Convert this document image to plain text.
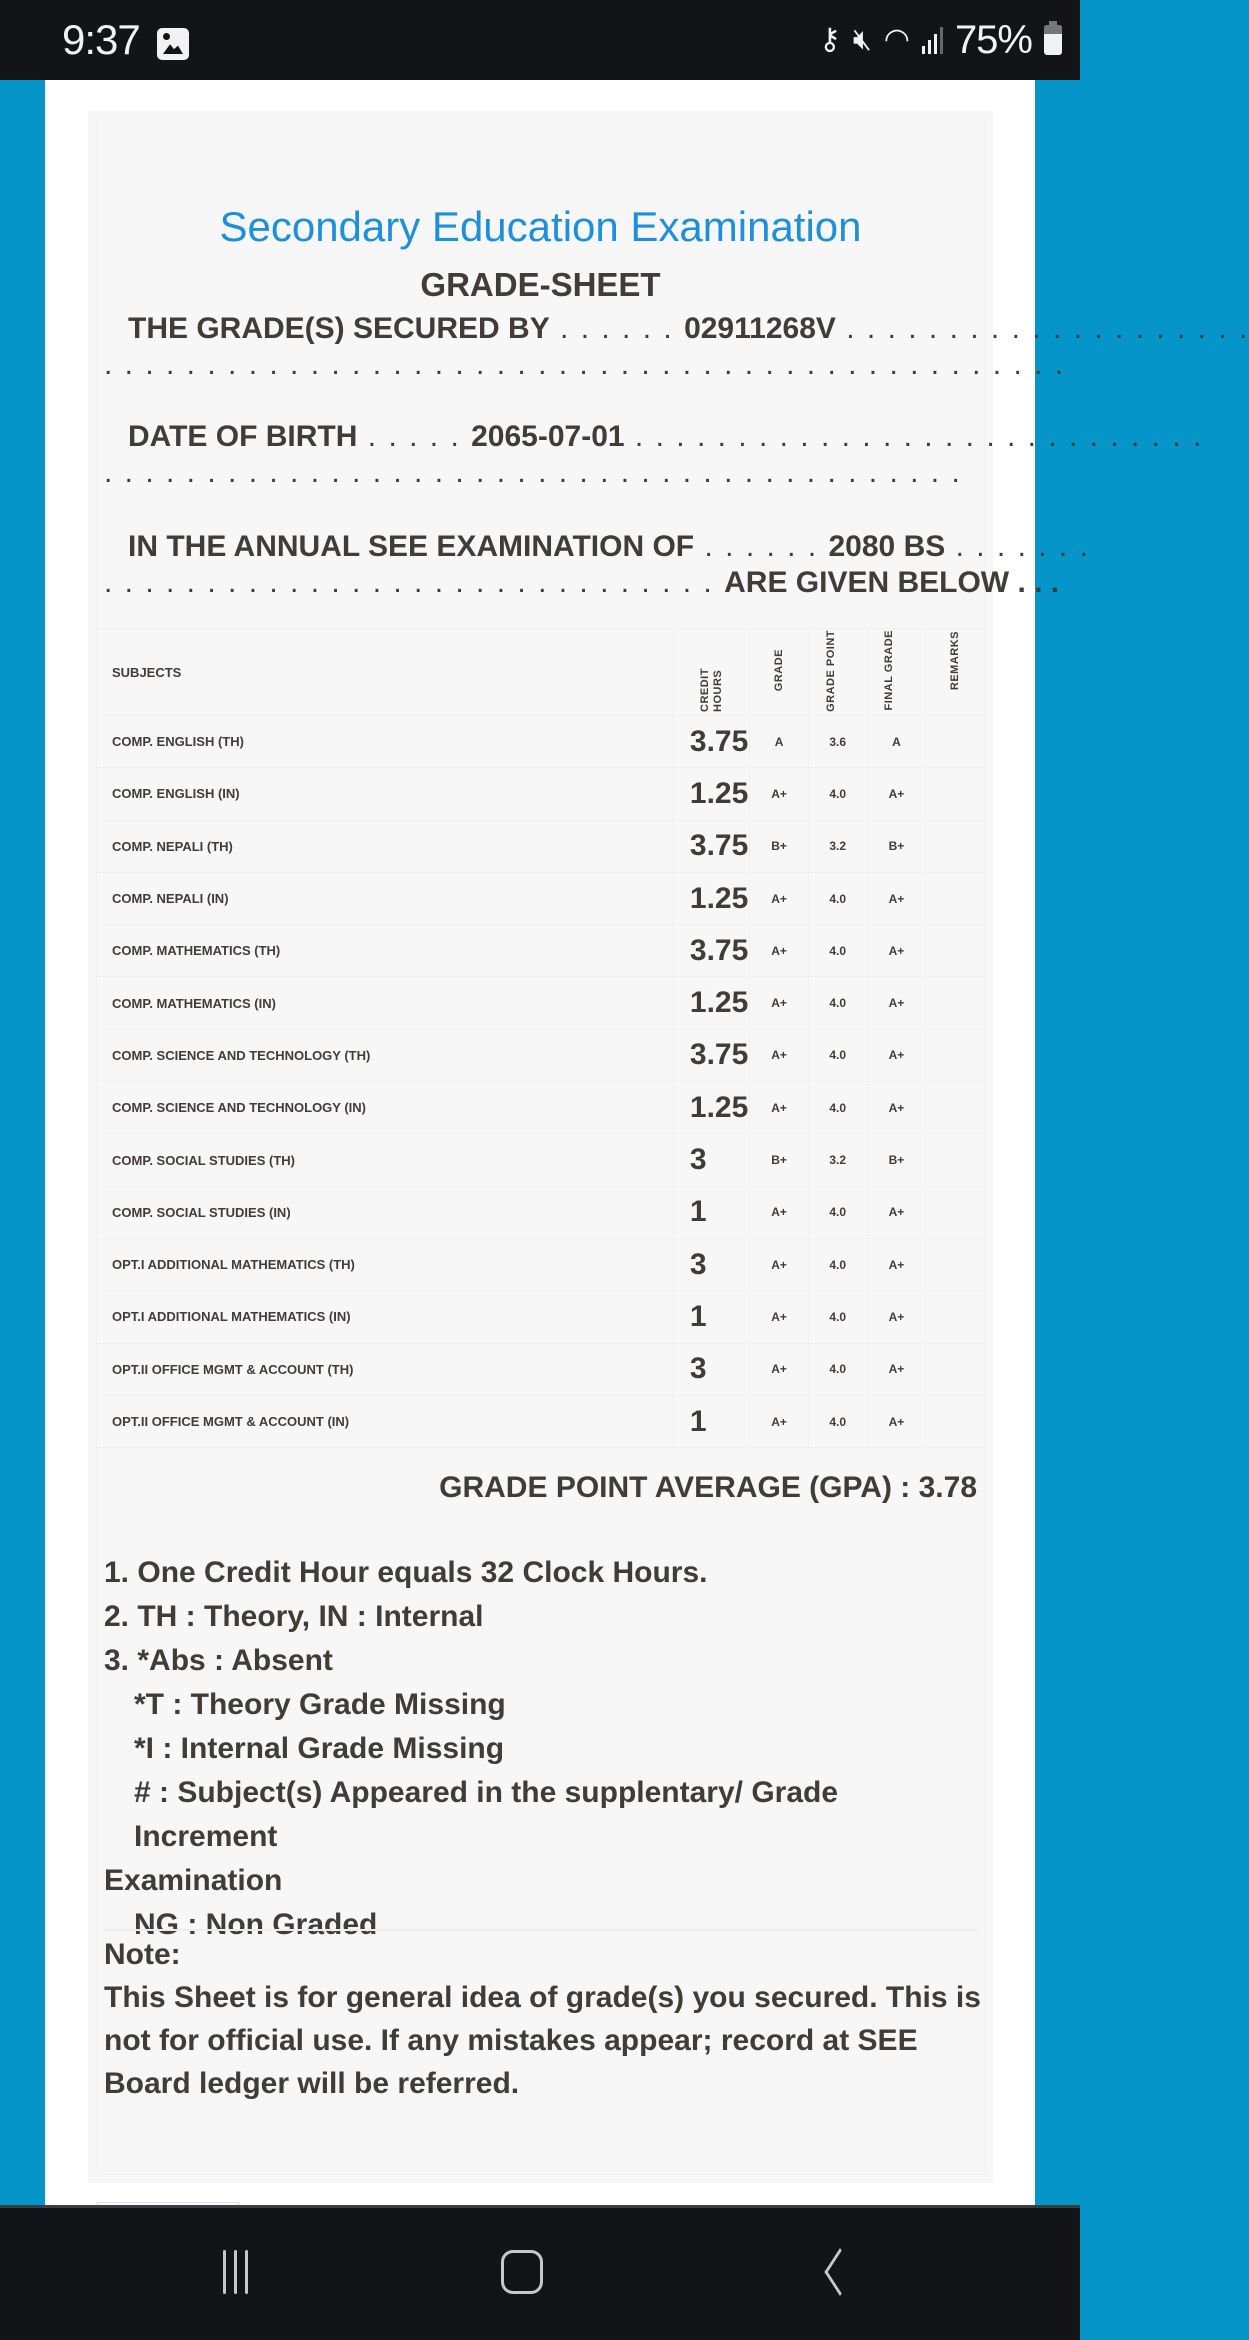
9:37	⚷ 🔇︎ ◠ 75%
Secondary Education Examination
GRADE-SHEET
THE GRADE(S) SECURED BY . . . . . . 02911268V . . . . . . . . . . . . . . . . . . . .
. . . . . . . . . . . . . . . . . . . . . . . . . . . . . . . . . . . . . . . . . . . . . . .
DATE OF BIRTH . . . . . 2065-07-01 . . . . . . . . . . . . . . . . . . . . . . . . . . . .
. . . . . . . . . . . . . . . . . . . . . . . . . . . . . . . . . . . . . . . . . .
IN THE ANNUAL SEE EXAMINATION OF . . . . . . 2080 BS . . . . . . .
. . . . . . . . . . . . . . . . . . . . . . . . . . . . . . ARE GIVEN BELOW . . .
SUBJECTS	CREDIT HOURS	GRADE	GRADE POINT	FINAL GRADE	REMARKS
COMP. ENGLISH (TH)	3.75	A	3.6	A	
COMP. ENGLISH (IN)	1.25	A+	4.0	A+	
COMP. NEPALI (TH)	3.75	B+	3.2	B+	
COMP. NEPALI (IN)	1.25	A+	4.0	A+	
COMP. MATHEMATICS (TH)	3.75	A+	4.0	A+	
COMP. MATHEMATICS (IN)	1.25	A+	4.0	A+	
COMP. SCIENCE AND TECHNOLOGY (TH)	3.75	A+	4.0	A+	
COMP. SCIENCE AND TECHNOLOGY (IN)	1.25	A+	4.0	A+	
COMP. SOCIAL STUDIES (TH)	3	B+	3.2	B+	
COMP. SOCIAL STUDIES (IN)	1	A+	4.0	A+	
OPT.I ADDITIONAL MATHEMATICS (TH)	3	A+	4.0	A+	
OPT.I ADDITIONAL MATHEMATICS (IN)	1	A+	4.0	A+	
OPT.II OFFICE MGMT & ACCOUNT (TH)	3	A+	4.0	A+	
OPT.II OFFICE MGMT & ACCOUNT (IN)	1	A+	4.0	A+	
GRADE POINT AVERAGE (GPA) : 3.78
1. One Credit Hour equals 32 Clock Hours.
2. TH : Theory, IN : Internal
3. *Abs : Absent
*T : Theory Grade Missing
*I : Internal Grade Missing
# : Subject(s) Appeared in the supplentary/ Grade Increment
Examination
NG : Non Graded
Note:
This Sheet is for general idea of grade(s) you secured. This is not for official use. If any mistakes appear; record at SEE Board ledger will be referred.
